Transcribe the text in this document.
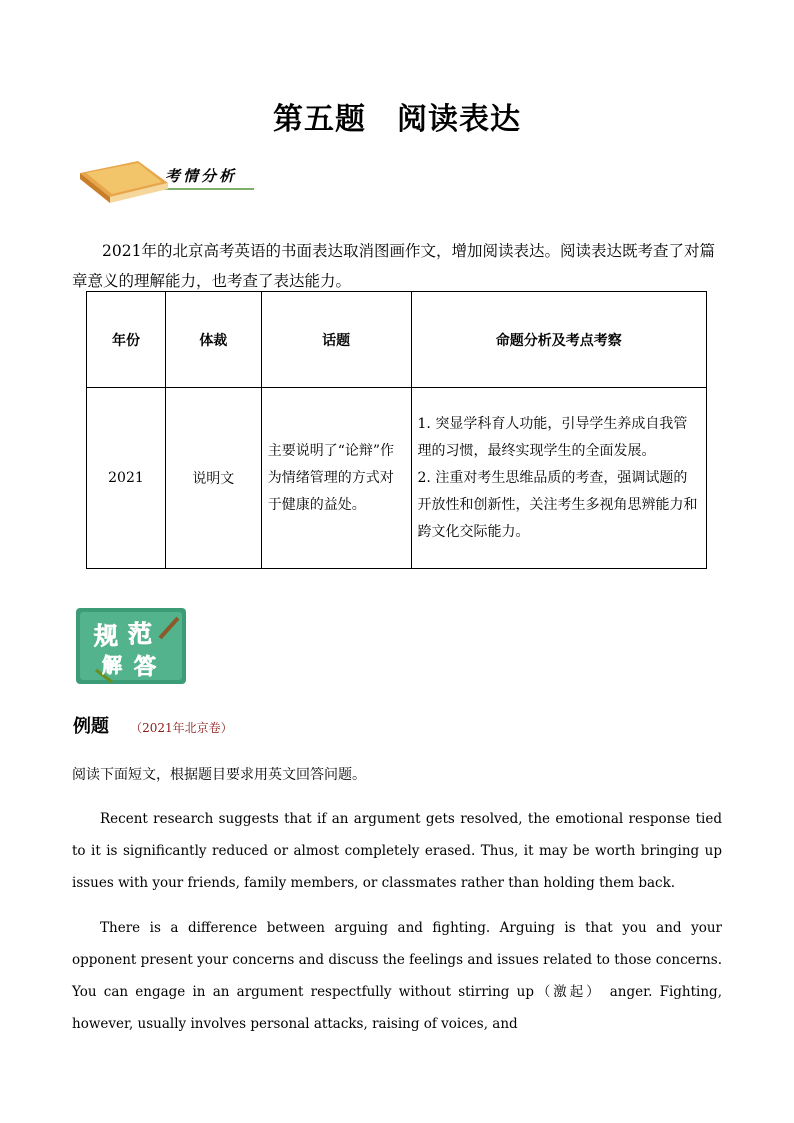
第五题　阅读表达
考情分析
2021年的北京高考英语的书面表达取消图画作文，增加阅读表达。阅读表达既考查了对篇章意义的理解能力，也考查了表达能力。
年份	体裁	话题	命题分析及考点考察
2021	说明文	主要说明了“论辩”作为情绪管理的方式对于健康的益处。	1. 突显学科育人功能，引导学生养成自我管理的习惯，最终实现学生的全面发展。
2. 注重对考生思维品质的考查，强调试题的开放性和创新性，关注考生多视角思辨能力和跨文化交际能力。
规 范
解 答
例题 （2021年北京卷）
阅读下面短文，根据题目要求用英文回答问题。
Recent research suggests that if an argument gets resolved, the emotional response tied to it is significantly reduced or almost completely erased. Thus, it may be worth bringing up issues with your friends, family members, or classmates rather than holding them back.
There is a difference between arguing and fighting. Arguing is that you and your opponent present your concerns and discuss the feelings and issues related to those concerns. You can engage in an argument respectfully without stirring up（激起） anger. Fighting, however, usually involves personal attacks, raising of voices, and
